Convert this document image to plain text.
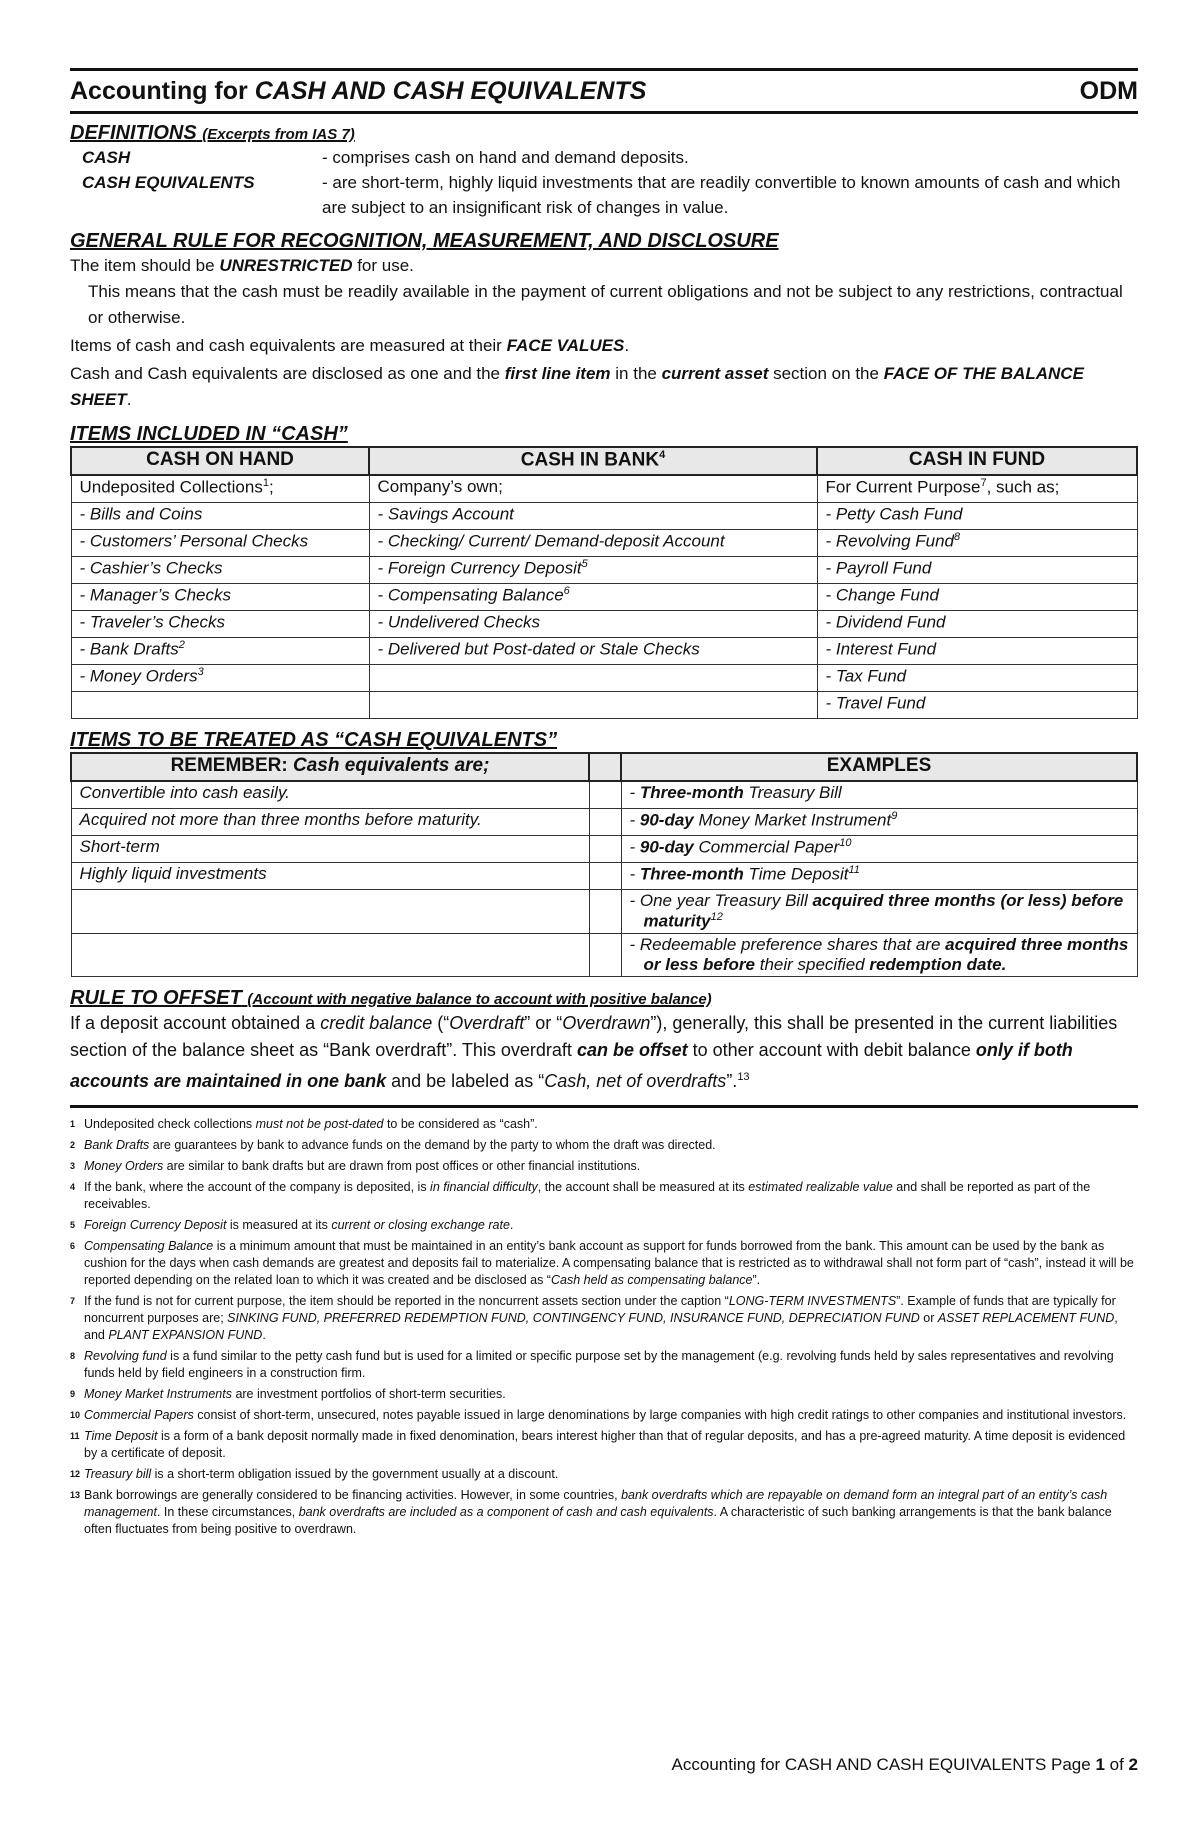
Accounting for CASH AND CASH EQUIVALENTS	ODM
DEFINITIONS (Excerpts from IAS 7)
CASH	- comprises cash on hand and demand deposits.
CASH EQUIVALENTS	- are short-term, highly liquid investments that are readily convertible to known amounts of cash and which are subject to an insignificant risk of changes in value.
GENERAL RULE FOR RECOGNITION, MEASUREMENT, AND DISCLOSURE
The item should be UNRESTRICTED for use.
This means that the cash must be readily available in the payment of current obligations and not be subject to any restrictions, contractual or otherwise.
Items of cash and cash equivalents are measured at their FACE VALUES.
Cash and Cash equivalents are disclosed as one and the first line item in the current asset section on the FACE OF THE BALANCE SHEET.
ITEMS INCLUDED IN “CASH”
CASH ON HAND	CASH IN BANK$^4$	CASH IN FUND
Undeposited Collections$^1$;	Company’s own;	For Current Purpose$^7$, such as;
- Bills and Coins	- Savings Account	- Petty Cash Fund
- Customers’ Personal Checks	- Checking/ Current/ Demand-deposit Account	- Revolving Fund$^8$
- Cashier’s Checks	- Foreign Currency Deposit$^5$	- Payroll Fund
- Manager’s Checks	- Compensating Balance$^6$	- Change Fund
- Traveler’s Checks	- Undelivered Checks	- Dividend Fund
- Bank Drafts$^2$	- Delivered but Post-dated or Stale Checks	- Interest Fund
- Money Orders$^3$		- Tax Fund
		- Travel Fund
ITEMS TO BE TREATED AS “CASH EQUIVALENTS”
REMEMBER: Cash equivalents are;		EXAMPLES
Convertible into cash easily.		- Three-month Treasury Bill
Acquired not more than three months before maturity.		- 90-day Money Market Instrument$^9$
Short-term		- 90-day Commercial Paper$^{10}$
Highly liquid investments		- Three-month Time Deposit$^{11}$
		- One year Treasury Bill acquired three months (or less) before maturity$^{12}$
		- Redeemable preference shares that are acquired three months or less before their specified redemption date.
RULE TO OFFSET (Account with negative balance to account with positive balance)
If a deposit account obtained a credit balance (“Overdraft” or “Overdrawn”), generally, this shall be presented in the current liabilities section of the balance sheet as “Bank overdraft”. This overdraft can be offset to other account with debit balance only if both accounts are maintained in one bank and be labeled as “Cash, net of overdrafts”.$^{13}$
1 Undeposited check collections must not be post-dated to be considered as “cash”.
2 Bank Drafts are guarantees by bank to advance funds on the demand by the party to whom the draft was directed.
3 Money Orders are similar to bank drafts but are drawn from post offices or other financial institutions.
4 If the bank, where the account of the company is deposited, is in financial difficulty, the account shall be measured at its estimated realizable value and shall be reported as part of the receivables.
5 Foreign Currency Deposit is measured at its current or closing exchange rate.
6 Compensating Balance is a minimum amount that must be maintained in an entity’s bank account as support for funds borrowed from the bank. This amount can be used by the bank as cushion for the days when cash demands are greatest and deposits fail to materialize. A compensating balance that is restricted as to withdrawal shall not form part of “cash”, instead it will be reported depending on the related loan to which it was created and be disclosed as “Cash held as compensating balance”.
7 If the fund is not for current purpose, the item should be reported in the noncurrent assets section under the caption “LONG-TERM INVESTMENTS”. Example of funds that are typically for noncurrent purposes are; SINKING FUND, PREFERRED REDEMPTION FUND, CONTINGENCY FUND, INSURANCE FUND, DEPRECIATION FUND or ASSET REPLACEMENT FUND, and PLANT EXPANSION FUND.
8 Revolving fund is a fund similar to the petty cash fund but is used for a limited or specific purpose set by the management (e.g. revolving funds held by sales representatives and revolving funds held by field engineers in a construction firm.
9 Money Market Instruments are investment portfolios of short-term securities.
10 Commercial Papers consist of short-term, unsecured, notes payable issued in large denominations by large companies with high credit ratings to other companies and institutional investors.
11 Time Deposit is a form of a bank deposit normally made in fixed denomination, bears interest higher than that of regular deposits, and has a pre-agreed maturity. A time deposit is evidenced by a certificate of deposit.
12 Treasury bill is a short-term obligation issued by the government usually at a discount.
13 Bank borrowings are generally considered to be financing activities. However, in some countries, bank overdrafts which are repayable on demand form an integral part of an entity’s cash management. In these circumstances, bank overdrafts are included as a component of cash and cash equivalents. A characteristic of such banking arrangements is that the bank balance often fluctuates from being positive to overdrawn.
Accounting for CASH AND CASH EQUIVALENTS Page 1 of 2
